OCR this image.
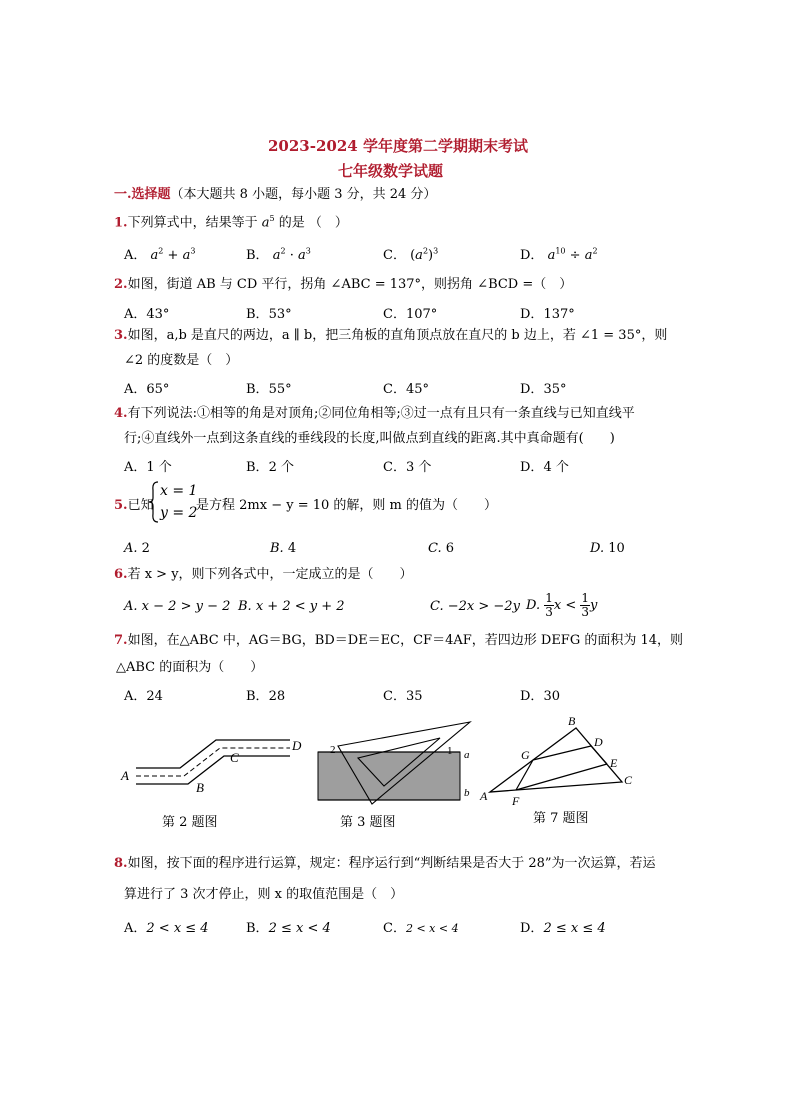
2023-2024 学年度第二学期期末考试
七年级数学试题
一.选择题（本大题共 8 小题，每小题 3 分，共 24 分）
1.下列算式中，结果等于 $a^5$ 的是 （　）
A． $a^2 + a^3$	B． $a^2 \cdot a^3$	C． $(a^2)^3$	D． $a^{10} \div a^2$
2.如图，街道 AB 与 CD 平行，拐角 ∠ABC = 137°，则拐角 ∠BCD =（　）
A．43°	B．53°	C．107°	D．137°
3.如图，a,b 是直尺的两边，a ∥ b，把三角板的直角顶点放在直尺的 b 边上，若 ∠1 = 35°，则
∠2 的度数是（　）
A．65°	B．55°	C．45°	D．35°
4.有下列说法:①相等的角是对顶角;②同位角相等;③过一点有且只有一条直线与已知直线平
行;④直线外一点到这条直线的垂线段的长度,叫做点到直线的距离.其中真命题有(　　)
A．1 个	B．2 个	C．3 个	D．4 个
5.已知
x = 1
y = 2
是方程 2mx − y = 10 的解，则 m 的值为（　　）
A. 2	B. 4	C. 6	D. 10
6.若 x > y，则下列各式中，一定成立的是（　　）
A. x − 2 > y − 2 B. x + 2 < y + 2	C. −2x > −2y D. $\frac{1}{3}$ $x < \frac{1}{3}$ y
7.如图，在△ABC 中，AG＝BG，BD＝DE＝EC，CF＝4AF，若四边形 DEFG 的面积为 14，则
△ABC 的面积为（　　）
A．24	B．28	C．35	D．30
A
B
C
D
第 2 题图
2	1 a
b
第 3 题图
A
B
C
D
E
F
G
第 7 题图
8.如图，按下面的程序进行运算，规定：程序运行到“判断结果是否大于 28”为一次运算，若运
算进行了 3 次才停止，则 x 的取值范围是（　）
A．2 < x ≤ 4	B．2 ≤ x < 4	C．2 < x < 4	D．2 ≤ x ≤ 4
